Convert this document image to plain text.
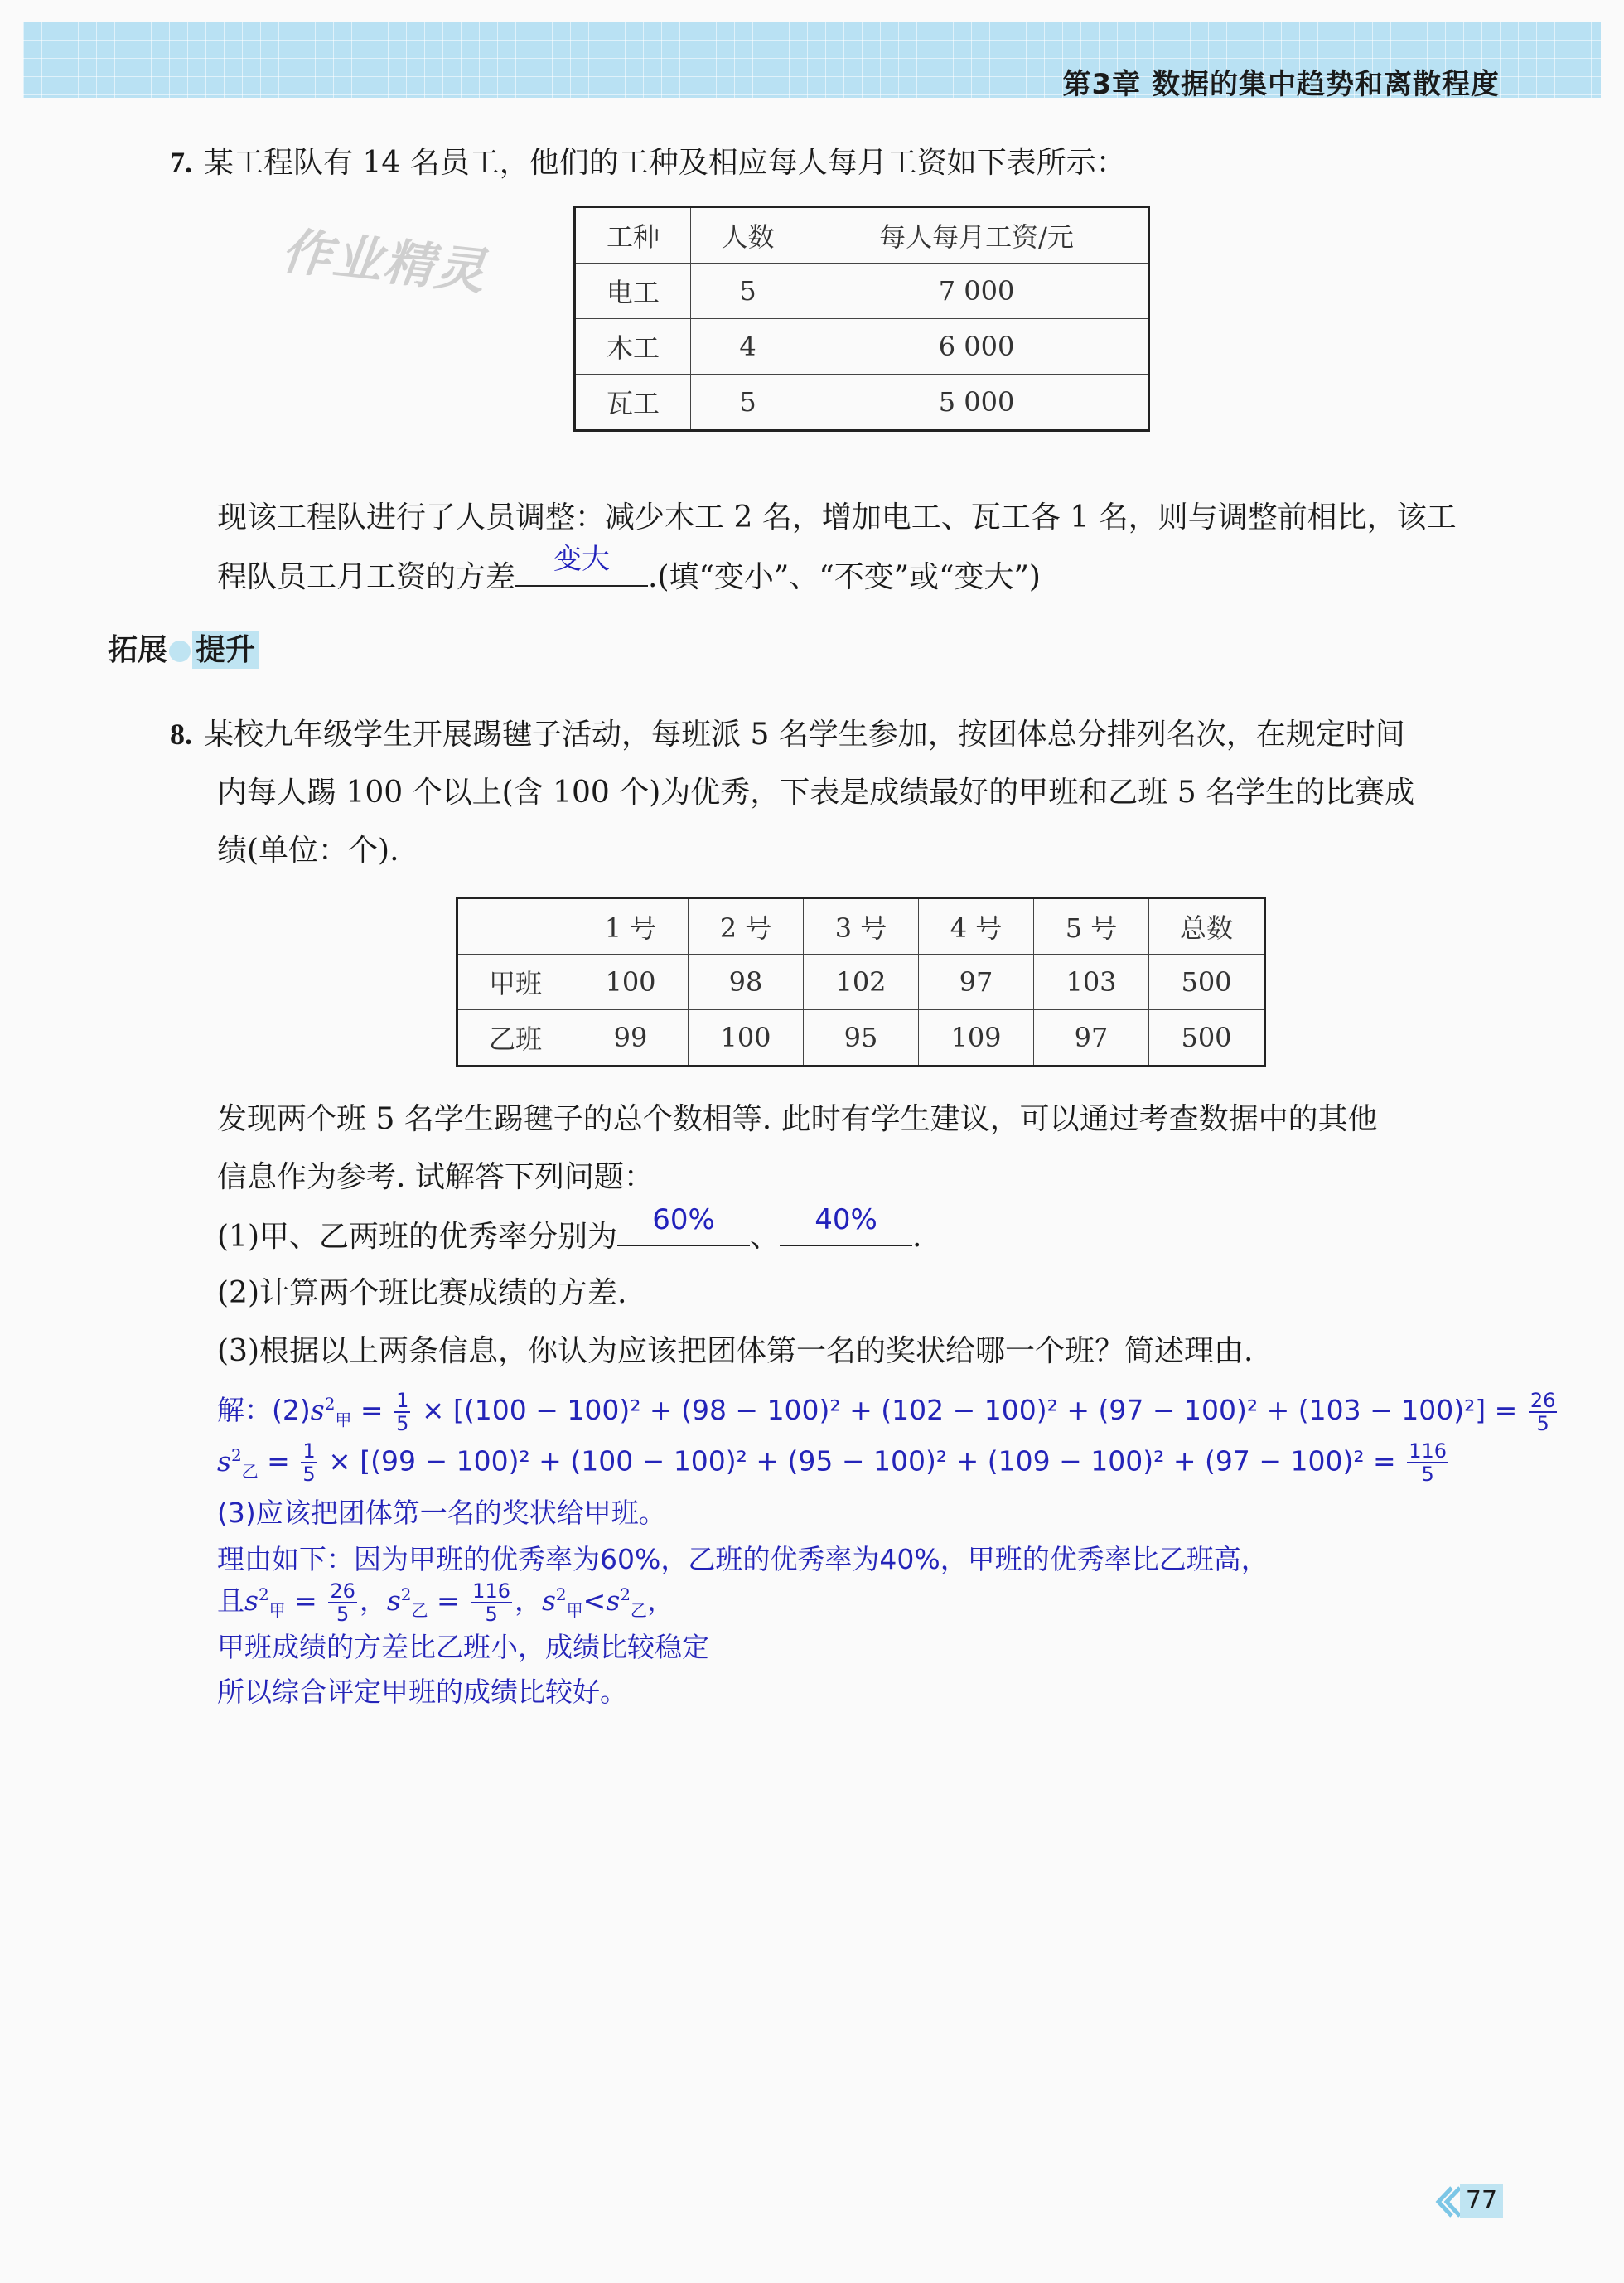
第3章 数据的集中趋势和离散程度
作业精灵
7. 某工程队有 14 名员工，他们的工种及相应每人每月工资如下表所示：
工种	人数	每人每月工资/元
电工	5	7 000
木工	4	6 000
瓦工	5	5 000
现该工程队进行了人员调整：减少木工 2 名，增加电工、瓦工各 1 名，则与调整前相比，该工
程队员工月工资的方差
变大
.(填“变小”、“不变”或“变大”)
拓展 提升
8. 某校九年级学生开展踢毽子活动，每班派 5 名学生参加，按团体总分排列名次，在规定时间
内每人踢 100 个以上(含 100 个)为优秀，下表是成绩最好的甲班和乙班 5 名学生的比赛成
绩(单位：个).
	1 号	2 号	3 号	4 号	5 号	总数
甲班	100	98	102	97	103	500
乙班	99	100	95	109	97	500
发现两个班 5 名学生踢毽子的总个数相等. 此时有学生建议，可以通过考查数据中的其他
信息作为参考. 试解答下列问题：
(1)甲、乙两班的优秀率分别为	60%	、	40%	.
(2)计算两个班比赛成绩的方差.
(3)根据以上两条信息，你认为应该把团体第一名的奖状给哪一个班？简述理由.
解：$(2)s^2_甲 = \frac{1}{5} \times [(100 - 100)^2 + (98 - 100)^2 + (102 - 100)^2 + (97 - 100)^2 + (103 - 100)^2] = \frac{26}{5}$
$s^2_乙 = \frac{1}{5} \times [(99 - 100)^2 + (100 - 100)^2 + (95 - 100)^2 + (109 - 100)^2 + (97 - 100)^2 = \frac{116}{5}$
(3)应该把团体第一名的奖状给甲班。
理由如下：因为甲班的优秀率为60%，乙班的优秀率为40%，甲班的优秀率比乙班高，
且$s^2_甲 = \frac{26}{5}$ ，$s^2_乙 = \frac{116}{5}$ ，$s^2_甲<s^2_乙$，
甲班成绩的方差比乙班小，成绩比较稳定
所以综合评定甲班的成绩比较好。
77
